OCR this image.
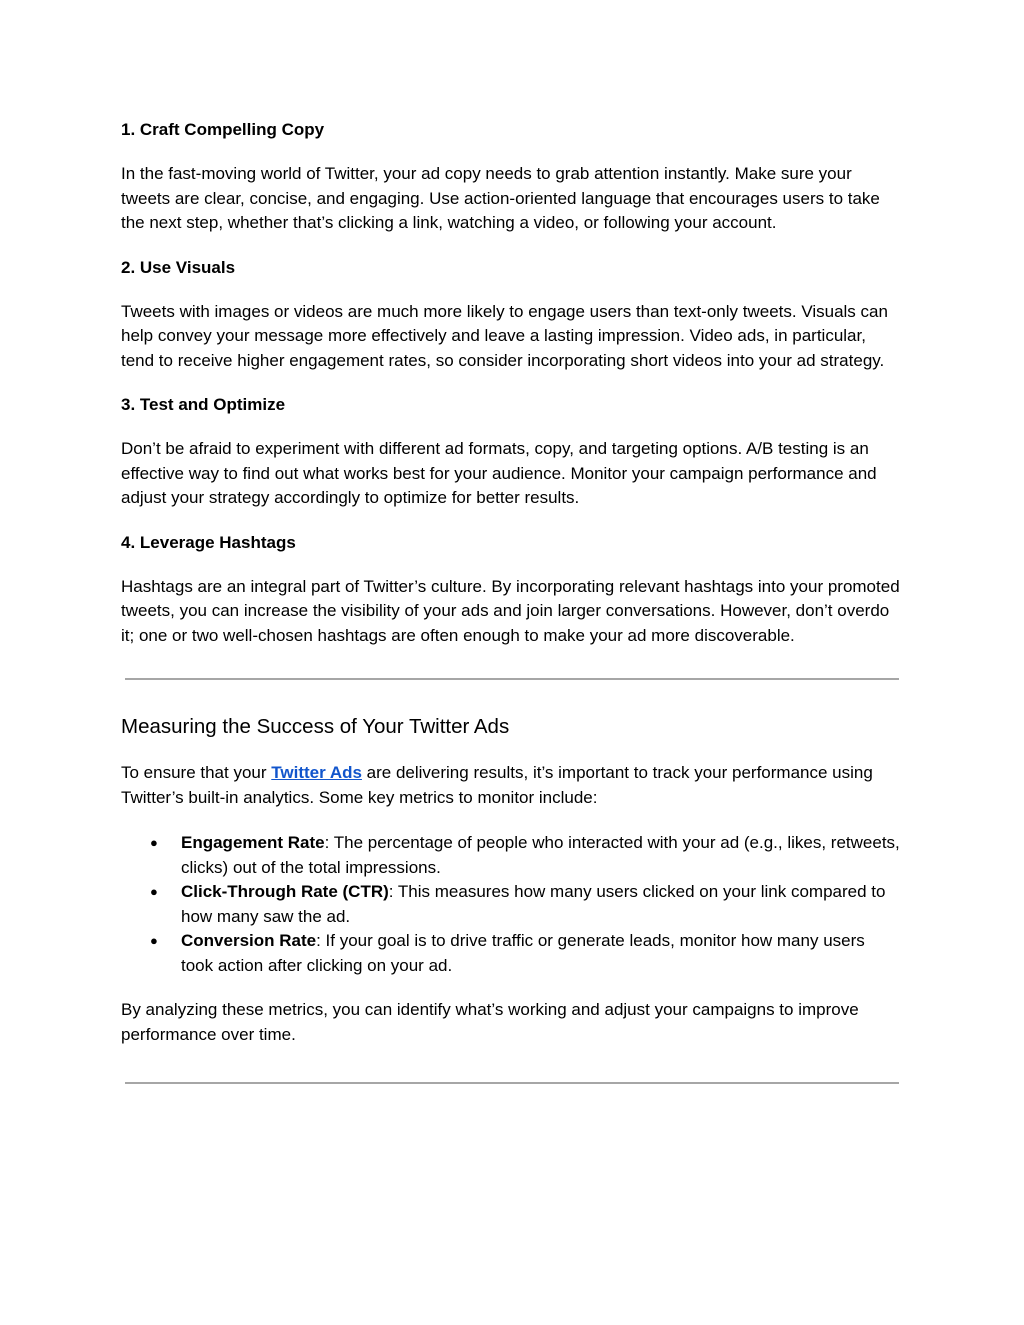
1. Craft Compelling Copy

In the fast-moving world of Twitter, your ad copy needs to grab attention instantly. Make sure your tweets are clear, concise, and engaging. Use action-oriented language that encourages users to take the next step, whether that’s clicking a link, watching a video, or following your account.

2. Use Visuals

Tweets with images or videos are much more likely to engage users than text-only tweets. Visuals can help convey your message more effectively and leave a lasting impression. Video ads, in particular, tend to receive higher engagement rates, so consider incorporating short videos into your ad strategy.

3. Test and Optimize

Don’t be afraid to experiment with different ad formats, copy, and targeting options. A/B testing is an effective way to find out what works best for your audience. Monitor your campaign performance and adjust your strategy accordingly to optimize for better results.

4. Leverage Hashtags

Hashtags are an integral part of Twitter’s culture. By incorporating relevant hashtags into your promoted tweets, you can increase the visibility of your ads and join larger conversations. However, don’t overdo it; one or two well-chosen hashtags are often enough to make your ad more discoverable.

Measuring the Success of Your Twitter Ads

To ensure that your Twitter Ads are delivering results, it’s important to track your performance using Twitter’s built-in analytics. Some key metrics to monitor include:

● Engagement Rate: The percentage of people who interacted with your ad (e.g., likes, retweets, clicks) out of the total impressions.
● Click-Through Rate (CTR): This measures how many users clicked on your link compared to how many saw the ad.
● Conversion Rate: If your goal is to drive traffic or generate leads, monitor how many users took action after clicking on your ad.

By analyzing these metrics, you can identify what’s working and adjust your campaigns to improve performance over time.
